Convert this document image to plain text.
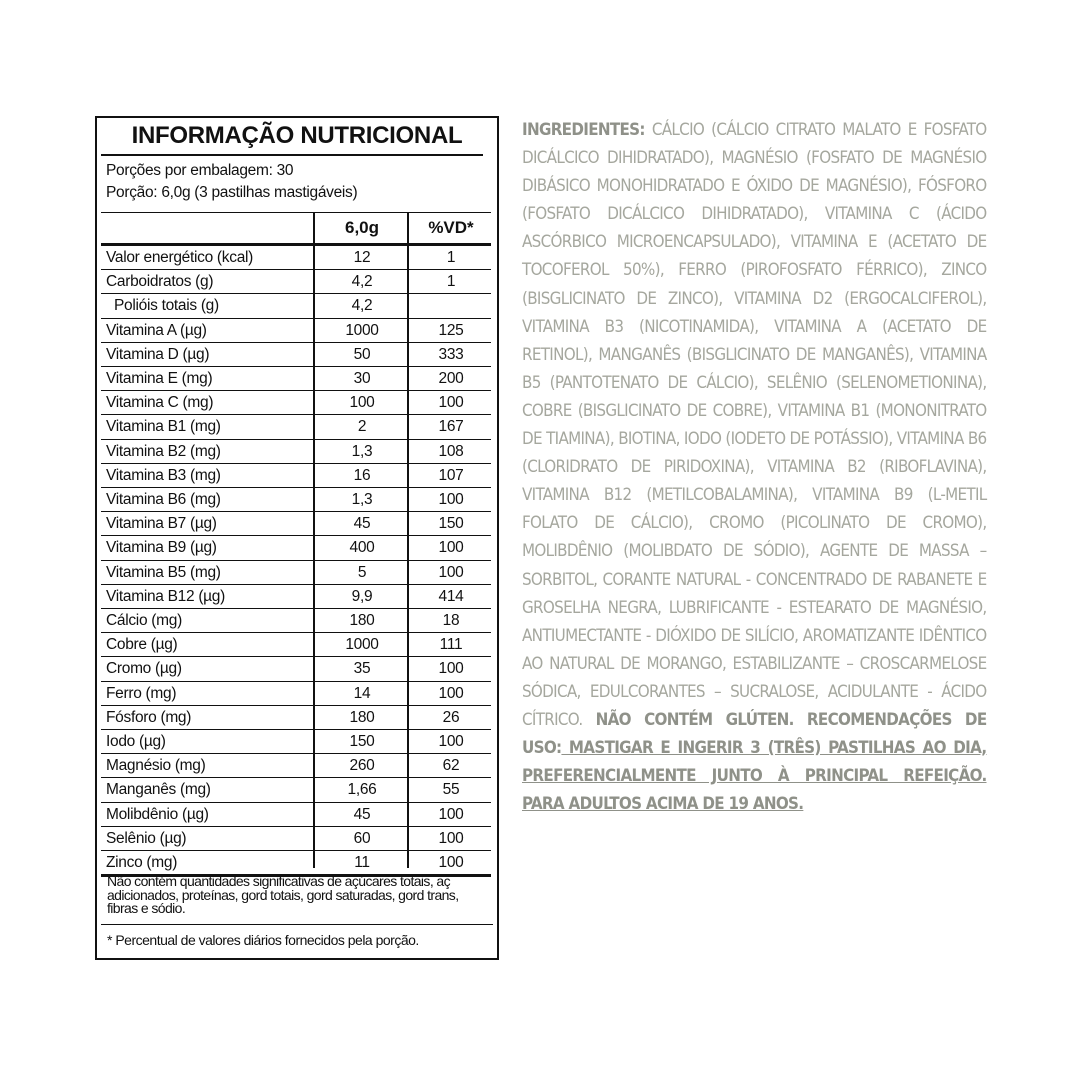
INFORMAÇÃO NUTRICIONAL
Porções por embalagem: 30
Porção: 6,0g (3 pastilhas mastigáveis)
6,0g	%VD*
Valor energético (kcal)	12	1
Carboidratos (g)	4,2	1
Polióis totais (g)	4,2
Vitamina A (µg)	1000	125
Vitamina D (µg)	50	333
Vitamina E (mg)	30	200
Vitamina C (mg)	100	100
Vitamina B1 (mg)	2	167
Vitamina B2 (mg)	1,3	108
Vitamina B3 (mg)	16	107
Vitamina B6 (mg)	1,3	100
Vitamina B7 (µg)	45	150
Vitamina B9 (µg)	400	100
Vitamina B5 (mg)	5	100
Vitamina B12 (µg)	9,9	414
Cálcio (mg)	180	18
Cobre (µg)	1000	111
Cromo (µg)	35	100
Ferro (mg)	14	100
Fósforo (mg)	180	26
Iodo (µg)	150	100
Magnésio (mg)	260	62
Manganês (mg)	1,66	55
Molibdênio (µg)	45	100
Selênio (µg)	60	100
Zinco (mg)	11	100
Não contém quantidades significativas de açúcares totais, aç adicionados, proteínas, gord totais, gord saturadas, gord trans, fibras e sódio.
* Percentual de valores diários fornecidos pela porção.
INGREDIENTES: CÁLCIO (CÁLCIO CITRATO MALATO E FOSFATO DICÁLCICO DIHIDRATADO), MAGNÉSIO (FOSFATO DE MAGNÉSIO DIBÁSICO MONOHIDRATADO E ÓXIDO DE MAGNÉSIO), FÓSFORO (FOSFATO DICÁLCICO DIHIDRATADO), VITAMINA C (ÁCIDO ASCÓRBICO MICROENCAPSULADO), VITAMINA E (ACETATO DE TOCOFEROL 50%), FERRO (PIROFOSFATO FÉRRICO), ZINCO (BISGLICINATO DE ZINCO), VITAMINA D2 (ERGOCALCIFEROL), VITAMINA B3 (NICOTINAMIDA), VITAMINA A (ACETATO DE RETINOL), MANGANÊS (BISGLICINATO DE MANGANÊS), VITAMINA B5 (PANTOTENATO DE CÁLCIO), SELÊNIO (SELENOMETIONINA), COBRE (BISGLICINATO DE COBRE), VITAMINA B1 (MONONITRATO DE TIAMINA), BIOTINA, IODO (IODETO DE POTÁSSIO), VITAMINA B6 (CLORIDRATO DE PIRIDOXINA), VITAMINA B2 (RIBOFLAVINA), VITAMINA B12 (METILCOBALAMINA), VITAMINA B9 (L-METIL FOLATO DE CÁLCIO), CROMO (PICOLINATO DE CROMO), MOLIBDÊNIO (MOLIBDATO DE SÓDIO), AGENTE DE MASSA – SORBITOL, CORANTE NATURAL - CONCENTRADO DE RABANETE E GROSELHA NEGRA, LUBRIFICANTE - ESTEARATO DE MAGNÉSIO, ANTIUMECTANTE - DIÓXIDO DE SILÍCIO, AROMATIZANTE IDÊNTICO AO NATURAL DE MORANGO, ESTABILIZANTE – CROSCARMELOSE SÓDICA, EDULCORANTES – SUCRALOSE, ACIDULANTE - ÁCIDO CÍTRICO. NÃO CONTÉM GLÚTEN. RECOMENDAÇÕES DE USO: MASTIGAR E INGERIR 3 (TRÊS) PASTILHAS AO DIA, PREFERENCIALMENTE JUNTO À PRINCIPAL REFEIÇÃO. PARA ADULTOS ACIMA DE 19 ANOS.
